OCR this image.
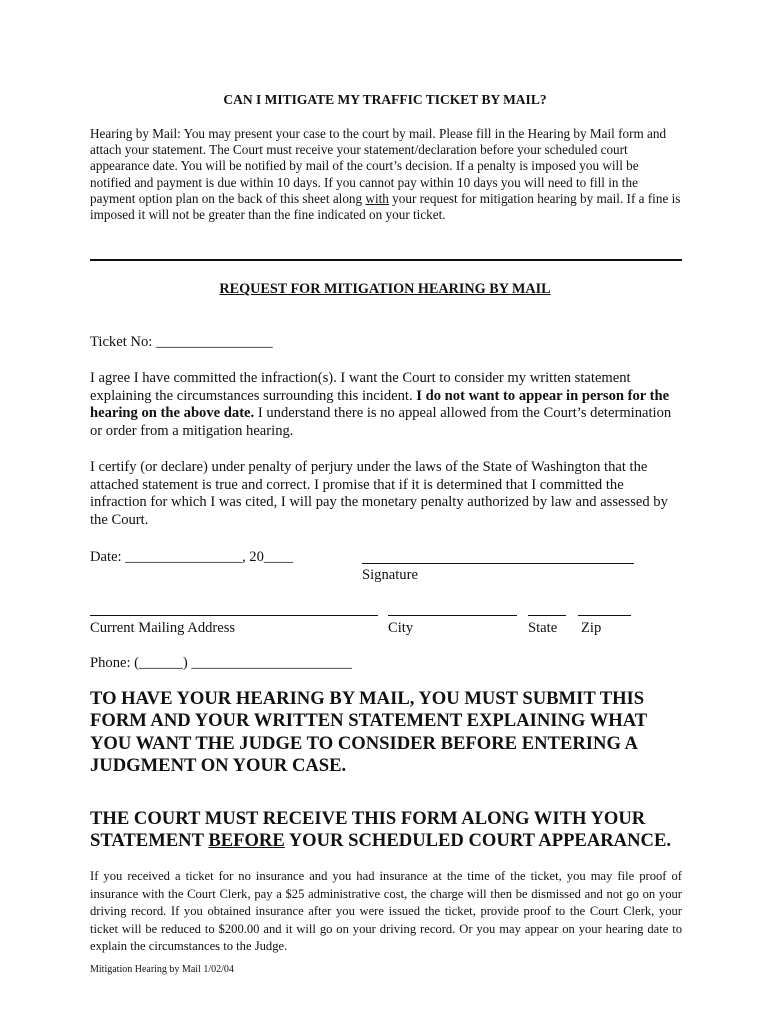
CAN I MITIGATE MY TRAFFIC TICKET BY MAIL?
Hearing by Mail: You may present your case to the court by mail. Please fill in the Hearing by Mail form and attach your statement. The Court must receive your statement/declaration before your scheduled court appearance date. You will be notified by mail of the court’s decision. If a penalty is imposed you will be notified and payment is due within 10 days. If you cannot pay within 10 days you will need to fill in the payment option plan on the back of this sheet along with your request for mitigation hearing by mail. If a fine is imposed it will not be greater than the fine indicated on your ticket.
REQUEST FOR MITIGATION HEARING BY MAIL
Ticket No: ________________
I agree I have committed the infraction(s). I want the Court to consider my written statement explaining the circumstances surrounding this incident. I do not want to appear in person for the hearing on the above date. I understand there is no appeal allowed from the Court’s determination or order from a mitigation hearing.
I certify (or declare) under penalty of perjury under the laws of the State of Washington that the attached statement is true and correct. I promise that if it is determined that I committed the infraction for which I was cited, I will pay the monetary penalty authorized by law and assessed by the Court.
Date: ________________, 20____
Signature
Current Mailing Address	City	State Zip
Phone: (______) ______________________
TO HAVE YOUR HEARING BY MAIL, YOU MUST SUBMIT THIS FORM AND YOUR WRITTEN STATEMENT EXPLAINING WHAT YOU WANT THE JUDGE TO CONSIDER BEFORE ENTERING A JUDGMENT ON YOUR CASE.
THE COURT MUST RECEIVE THIS FORM ALONG WITH YOUR STATEMENT BEFORE YOUR SCHEDULED COURT APPEARANCE.
If you received a ticket for no insurance and you had insurance at the time of the ticket, you may file proof of insurance with the Court Clerk, pay a $25 administrative cost, the charge will then be dismissed and not go on your driving record. If you obtained insurance after you were issued the ticket, provide proof to the Court Clerk, your ticket will be reduced to $200.00 and it will go on your driving record. Or you may appear on your hearing date to explain the circumstances to the Judge.
Mitigation Hearing by Mail 1/02/04
